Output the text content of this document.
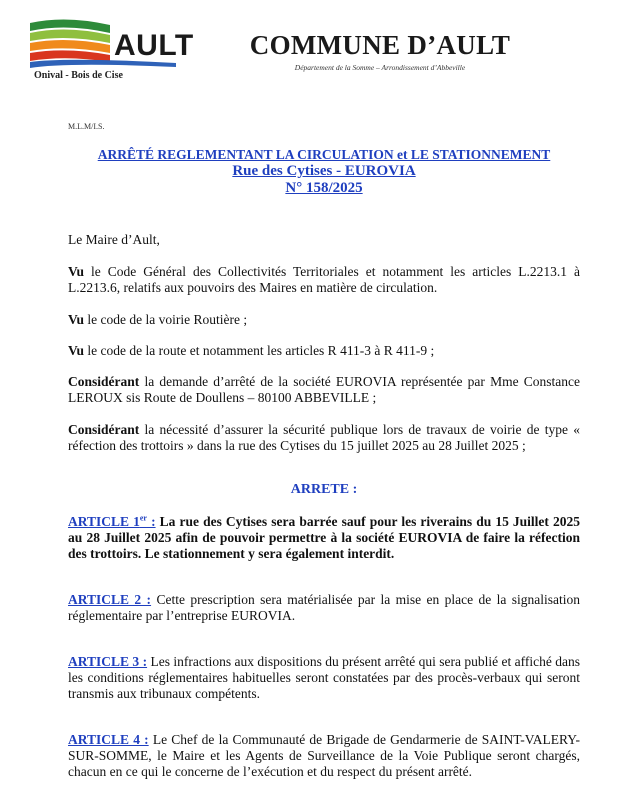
AULT
Onival - Bois de Cise
COMMUNE D’AULT
Département de la Somme – Arrondissement d’Abbeville
M.L.M/I.S.
ARRÊTÉ REGLEMENTANT LA CIRCULATION et LE STATIONNEMENT
Rue des Cytises - EUROVIA
N° 158/2025
Le Maire d’Ault,
Vu le Code Général des Collectivités Territoriales et notamment les articles L.2213.1 à L.2213.6, relatifs aux pouvoirs des Maires en matière de circulation.
Vu le code de la voirie Routière ;
Vu le code de la route et notamment les articles R 411-3 à R 411-9 ;
Considérant la demande d’arrêté de la société EUROVIA représentée par Mme Constance LEROUX sis Route de Doullens – 80100 ABBEVILLE ;
Considérant la nécessité d’assurer la sécurité publique lors de travaux de voirie de type « réfection des trottoirs » dans la rue des Cytises du 15 juillet 2025 au 28 Juillet 2025 ;
ARRETE :
ARTICLE 1er : La rue des Cytises sera barrée sauf pour les riverains du 15 Juillet 2025 au 28 Juillet 2025 afin de pouvoir permettre à la société EUROVIA de faire la réfection des trottoirs. Le stationnement y sera également interdit.
ARTICLE 2 : Cette prescription sera matérialisée par la mise en place de la signalisation réglementaire par l’entreprise EUROVIA.
ARTICLE 3 : Les infractions aux dispositions du présent arrêté qui sera publié et affiché dans les conditions réglementaires habituelles seront constatées par des procès-verbaux qui seront transmis aux tribunaux compétents.
ARTICLE 4 : Le Chef de la Communauté de Brigade de Gendarmerie de SAINT-VALERY-SUR-SOMME, le Maire et les Agents de Surveillance de la Voie Publique seront chargés, chacun en ce qui le concerne de l’exécution et du respect du présent arrêté.
